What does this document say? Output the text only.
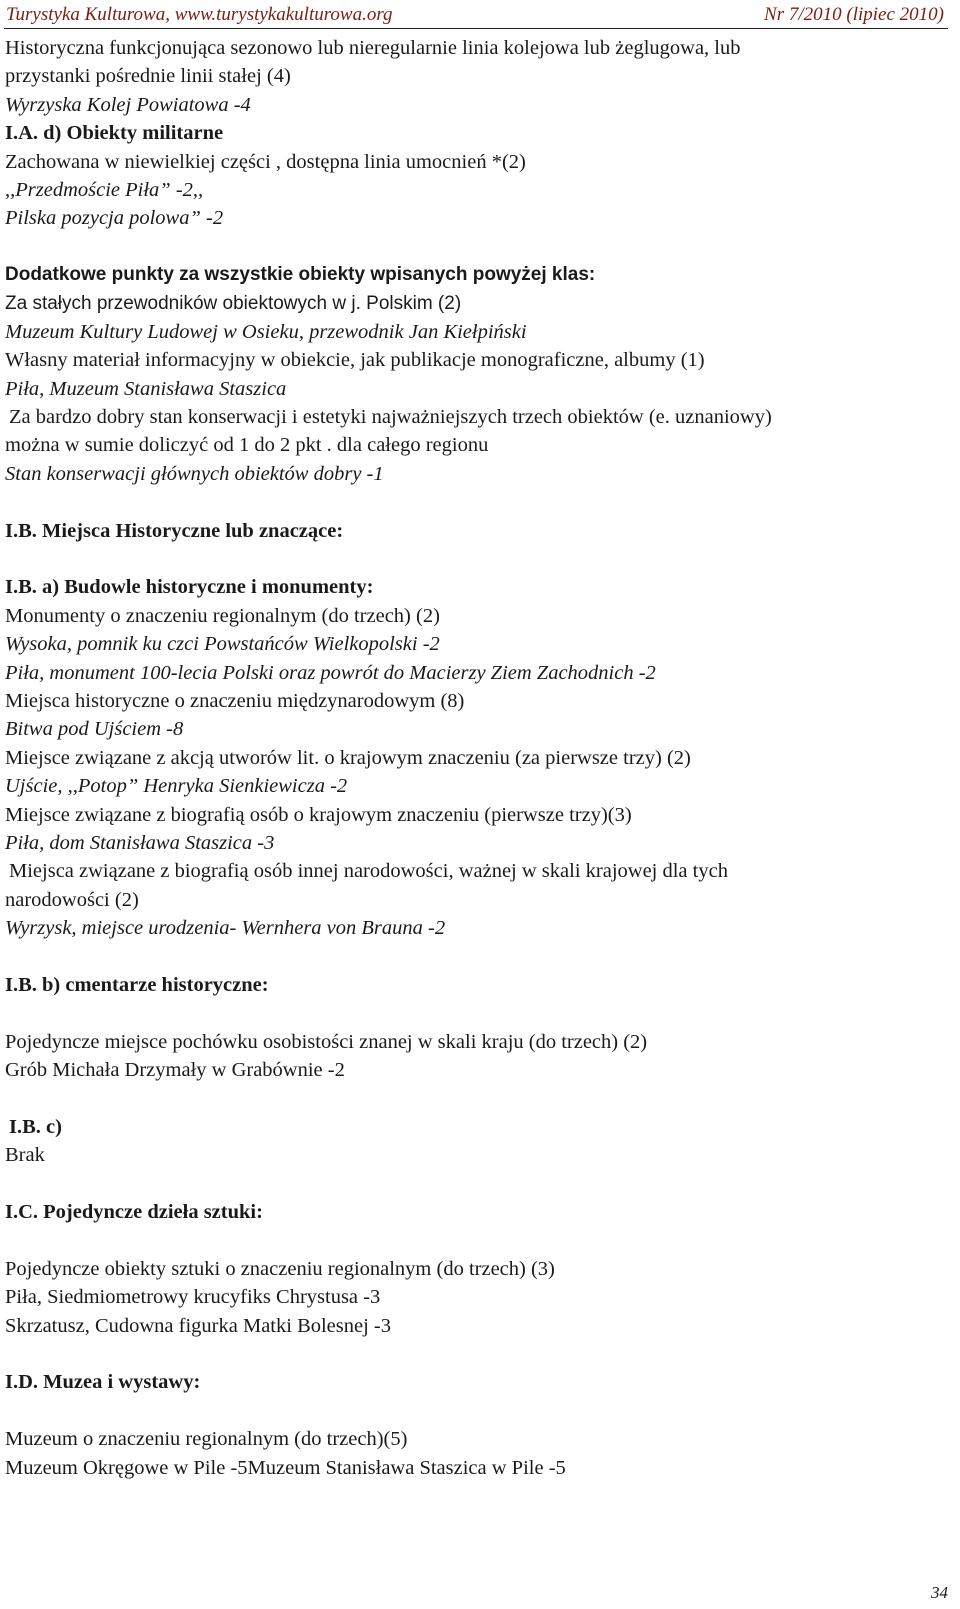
Turystyka Kulturowa, www.turystykakulturowa.org	Nr 7/2010 (lipiec 2010)
Historyczna funkcjonująca sezonowo lub nieregularnie linia kolejowa lub żeglugowa, lub
przystanki pośrednie linii stałej (4)
Wyrzyska Kolej Powiatowa -4
I.A. d) Obiekty militarne
Zachowana w niewielkiej części , dostępna linia umocnień *(2)
,,Przedmoście Piła” -2,,
Pilska pozycja polowa” -2
Dodatkowe punkty za wszystkie obiekty wpisanych powyżej klas:
Za stałych przewodników obiektowych w j. Polskim (2)
Muzeum Kultury Ludowej w Osieku, przewodnik Jan Kiełpiński
Własny materiał informacyjny w obiekcie, jak publikacje monograficzne, albumy (1)
Piła, Muzeum Stanisława Staszica
Za bardzo dobry stan konserwacji i estetyki najważniejszych trzech obiektów (e. uznaniowy)
można w sumie doliczyć od 1 do 2 pkt . dla całego regionu
Stan konserwacji głównych obiektów dobry -1
I.B. Miejsca Historyczne lub znaczące:
I.B. a) Budowle historyczne i monumenty:
Monumenty o znaczeniu regionalnym (do trzech) (2)
Wysoka, pomnik ku czci Powstańców Wielkopolski -2
Piła, monument 100-lecia Polski oraz powrót do Macierzy Ziem Zachodnich -2
Miejsca historyczne o znaczeniu międzynarodowym (8)
Bitwa pod Ujściem -8
Miejsce związane z akcją utworów lit. o krajowym znaczeniu (za pierwsze trzy) (2)
Ujście, ,,Potop” Henryka Sienkiewicza -2
Miejsce związane z biografią osób o krajowym znaczeniu (pierwsze trzy)(3)
Piła, dom Stanisława Staszica -3
Miejsca związane z biografią osób innej narodowości, ważnej w skali krajowej dla tych
narodowości (2)
Wyrzysk, miejsce urodzenia- Wernhera von Brauna -2
I.B. b) cmentarze historyczne:
Pojedyncze miejsce pochówku osobistości znanej w skali kraju (do trzech) (2)
Grób Michała Drzymały w Grabównie -2
I.B. c)
Brak
I.C. Pojedyncze dzieła sztuki:
Pojedyncze obiekty sztuki o znaczeniu regionalnym (do trzech) (3)
Piła, Siedmiometrowy krucyfiks Chrystusa -3
Skrzatusz, Cudowna figurka Matki Bolesnej -3
I.D. Muzea i wystawy:
Muzeum o znaczeniu regionalnym (do trzech)(5)
Muzeum Okręgowe w Pile -5Muzeum Stanisława Staszica w Pile -5
34
